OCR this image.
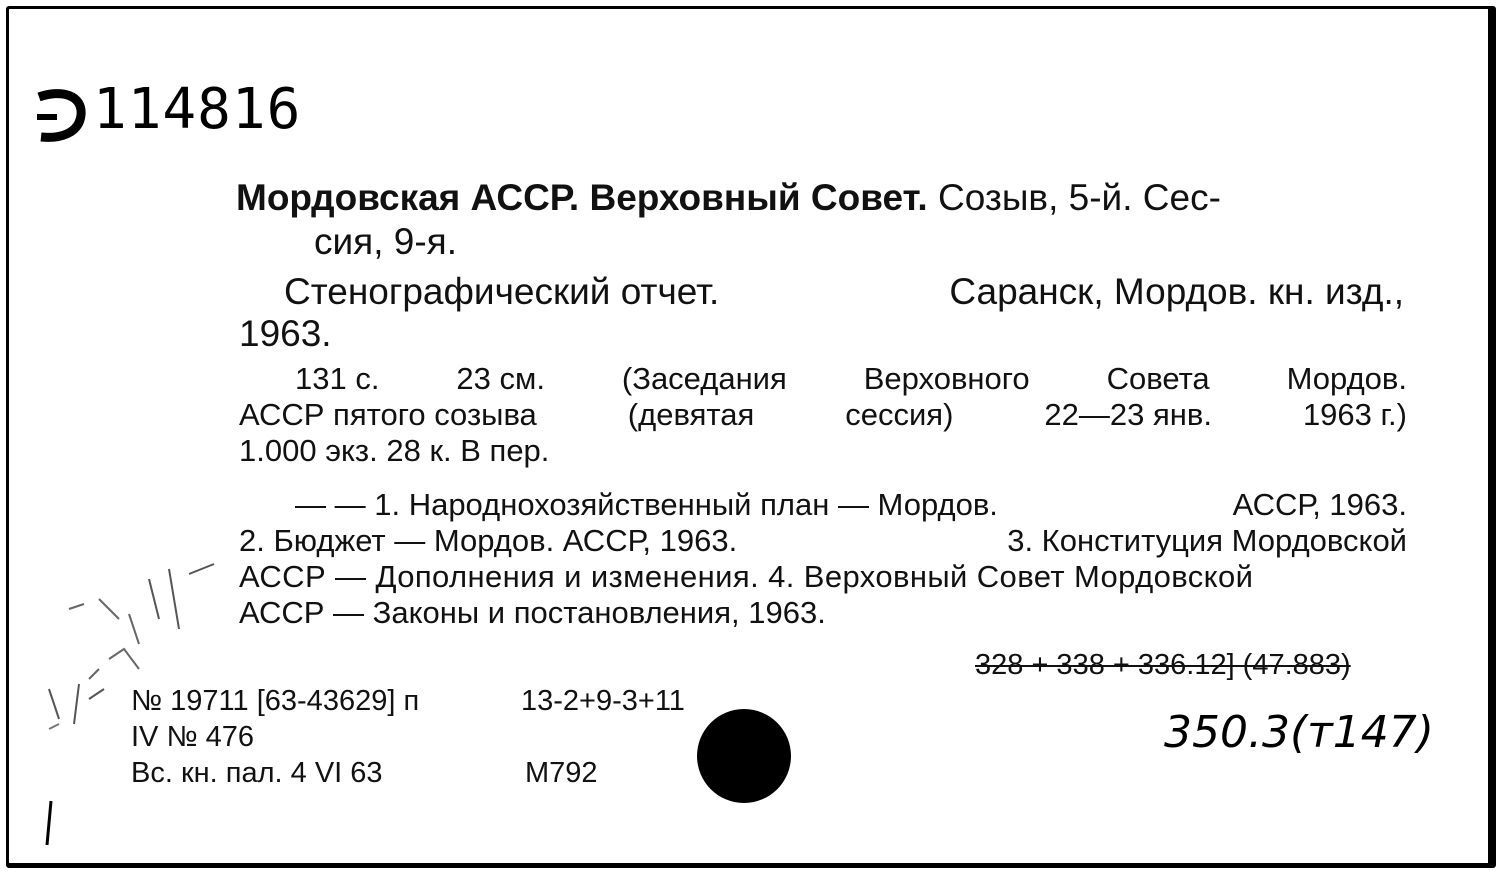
114816
Мордовская АССР. Верховный Совет. Созыв, 5-й. Сес-
сия, 9-я.
Стенографический отчет.	Саранск, Мордов. кн. изд.,
1963.
131 с. 23 см. (Заседания Верховного Совета Мордов.
АССР пятого созыва	(девятая	сессия)	22—23 янв.	1963 г.)
1.000 экз. 28 к. В пер.
— — 1. Народнохозяйственный план — Мордов.	АССР, 1963.
2. Бюджет — Мордов. АССР, 1963.	3. Конституция Мордовской
АССР — Дополнения и изменения. 4. Верховный Совет Мордовской
АССР — Законы и постановления, 1963.
328 + 338 + 336.12] (47.883)
350.3(т147)
№ 19711 [63-43629] п	13-2+9-3+11
IV № 476
Вс. кн. пал. 4 VI 63	М792
